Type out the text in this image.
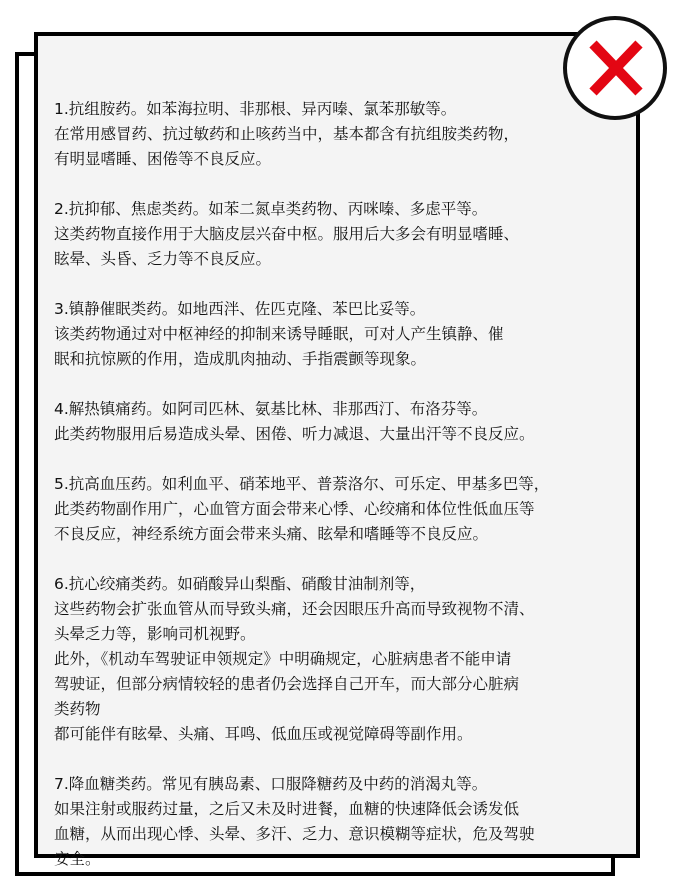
1.抗组胺药。如苯海拉明、非那根、异丙嗪、氯苯那敏等。
在常用感冒药、抗过敏药和止咳药当中，基本都含有抗组胺类药物，
有明显嗜睡、困倦等不良反应。
2.抗抑郁、焦虑类药。如苯二氮卓类药物、丙咪嗪、多虑平等。
这类药物直接作用于大脑皮层兴奋中枢。服用后大多会有明显嗜睡、
眩晕、头昏、乏力等不良反应。
3.镇静催眠类药。如地西泮、佐匹克隆、苯巴比妥等。
该类药物通过对中枢神经的抑制来诱导睡眠，可对人产生镇静、催
眠和抗惊厥的作用，造成肌肉抽动、手指震颤等现象。
4.解热镇痛药。如阿司匹林、氨基比林、非那西汀、布洛芬等。
此类药物服用后易造成头晕、困倦、听力减退、大量出汗等不良反应。
5.抗高血压药。如利血平、硝苯地平、普萘洛尔、可乐定、甲基多巴等，
此类药物副作用广，心血管方面会带来心悸、心绞痛和体位性低血压等
不良反应，神经系统方面会带来头痛、眩晕和嗜睡等不良反应。
6.抗心绞痛类药。如硝酸异山梨酯、硝酸甘油制剂等，
这些药物会扩张血管从而导致头痛，还会因眼压升高而导致视物不清、
头晕乏力等，影响司机视野。
此外，《机动车驾驶证申领规定》中明确规定，心脏病患者不能申请
驾驶证，但部分病情较轻的患者仍会选择自己开车，而大部分心脏病
类药物
都可能伴有眩晕、头痛、耳鸣、低血压或视觉障碍等副作用。
7.降血糖类药。常见有胰岛素、口服降糖药及中药的消渴丸等。
如果注射或服药过量，之后又未及时进餐，血糖的快速降低会诱发低
血糖，从而出现心悸、头晕、多汗、乏力、意识模糊等症状，危及驾驶
安全。
